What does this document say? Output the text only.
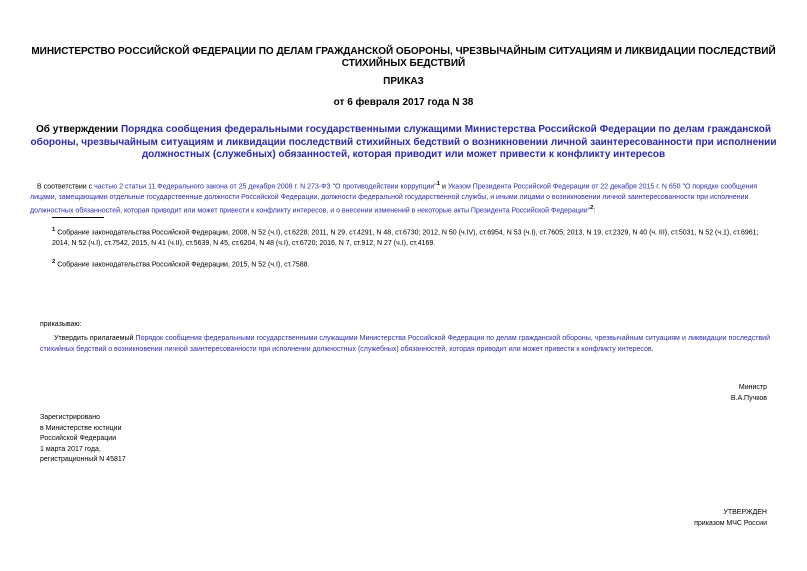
МИНИСТЕРСТВО РОССИЙСКОЙ ФЕДЕРАЦИИ ПО ДЕЛАМ ГРАЖДАНСКОЙ ОБОРОНЫ, ЧРЕЗВЫЧАЙНЫМ СИТУАЦИЯМ И ЛИКВИДАЦИИ ПОСЛЕДСТВИЙ СТИХИЙНЫХ БЕДСТВИЙ
ПРИКАЗ
от 6 февраля 2017 года N 38
Об утверждении Порядка сообщения федеральными государственными служащими Министерства Российской Федерации по делам гражданской обороны, чрезвычайным ситуациям и ликвидации последствий стихийных бедствий о возникновении личной заинтересованности при исполнении должностных (служебных) обязанностей, которая приводит или может привести к конфликту интересов
В соответствии с частью 2 статьи 11 Федерального закона от 25 декабря 2008 г. N 273-ФЗ "О противодействии коррупции"$^1$ и Указом Президента Российской Федерации от 22 декабря 2015 г. N 650 "О порядке сообщения лицами, замещающими отдельные государственные должности Российской Федерации, должности федеральной государственной службы, и иными лицами о возникновении личной заинтересованности при исполнении должностных обязанностей, которая приводит или может привести к конфликту интересов, и о внесении изменений в некоторые акты Президента Российской Федерации"$^2$:
$^1$ Собрание законодательства Российской Федерации, 2008, N 52 (ч.I), ст.6228; 2011, N 29, ст.4291, N 48, ст.6730; 2012, N 50 (ч.IV), ст.6954, N 53 (ч.I), ст.7605; 2013, N 19, ст.2329, N 40 (ч. III), ст.5031, N 52 (ч.1), ст.6961; 2014, N 52 (ч.I), ст.7542, 2015, N 41 (ч.II), ст.5639, N 45, ст.6204, N 48 (ч.I), ст.6720; 2016, N 7, ст.912, N 27 (ч.I), ст.4169.
$^2$ Собрание законодательства Российской Федерации, 2015, N 52 (ч.I), ст.7588.
приказываю:
Утвердить прилагаемый Порядок сообщения федеральными государственными служащими Министерства Российской Федерации по делам гражданской обороны, чрезвычайным ситуациям и ликвидации последствий стихийных бедствий о возникновении личной заинтересованности при исполнении должностных (служебных) обязанностей, которая приводит или может привести к конфликту интересов.
Министр
В.А.Пучков
Зарегистрировано
в Министерстве юстиции
Российской Федерации
1 марта 2017 года,
регистрационный N 45817
УТВЕРЖДЕН
приказом МЧС России
